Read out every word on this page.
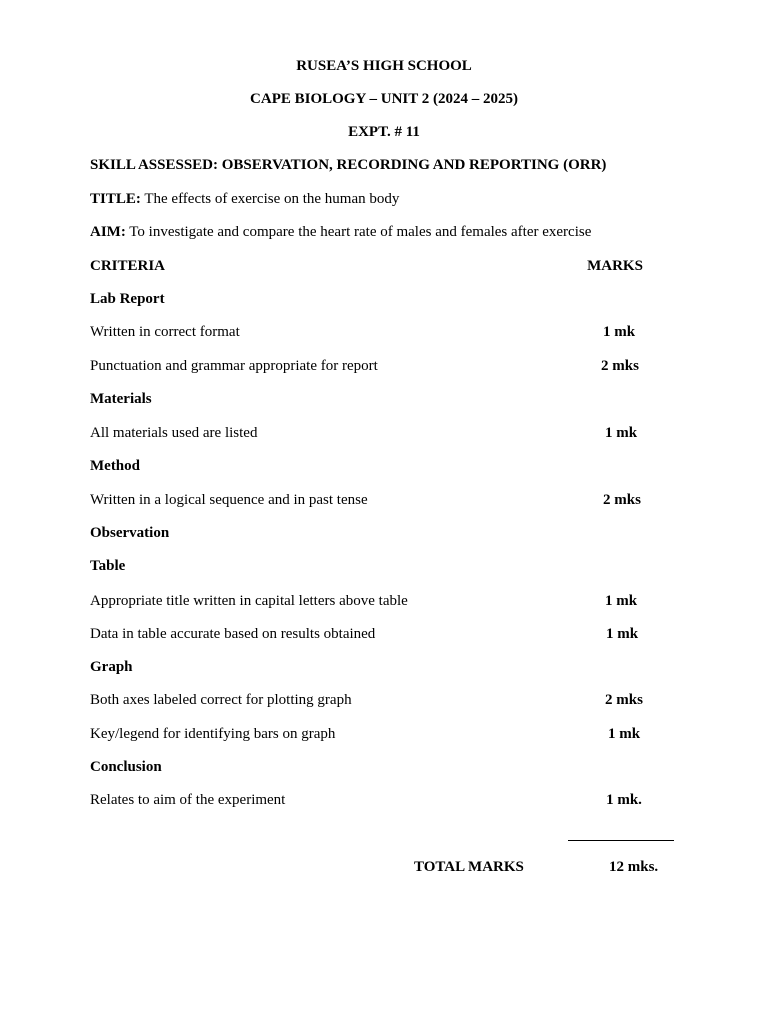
RUSEA’S HIGH SCHOOL
CAPE BIOLOGY – UNIT 2 (2024 – 2025)
EXPT. # 11
SKILL ASSESSED: OBSERVATION, RECORDING AND REPORTING (ORR)
TITLE: The effects of exercise on the human body
AIM: To investigate and compare the heart rate of males and females after exercise
CRITERIA	MARKS
Lab Report
Written in correct format	1 mk
Punctuation and grammar appropriate for report	2 mks
Materials
All materials used are listed	1 mk
Method
Written in a logical sequence and in past tense	2 mks
Observation
Table
Appropriate title written in capital letters above table	1 mk
Data in table accurate based on results obtained	1 mk
Graph
Both axes labeled correct for plotting graph	2 mks
Key/legend for identifying bars on graph	1 mk
Conclusion
Relates to aim of the experiment	1 mk.
TOTAL MARKS	12 mks.
